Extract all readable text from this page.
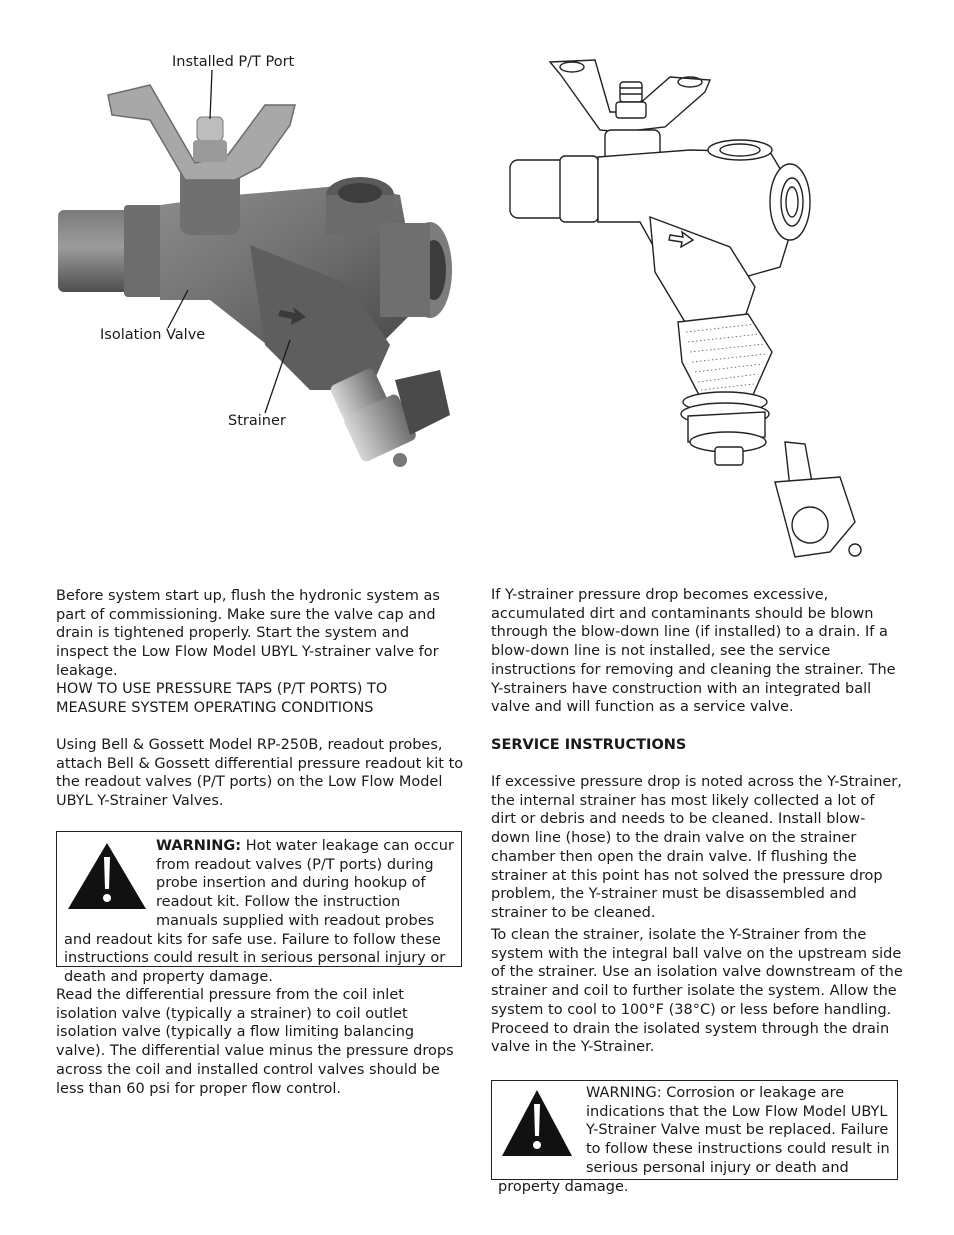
Installed P/T Port
Isolation Valve
Strainer

Before system start up, flush the hydronic system as part of commissioning. Make sure the valve cap and drain is tightened properly. Start the system and inspect the Low Flow Model UBYL Y-strainer valve for leakage.

HOW TO USE PRESSURE TAPS (P/T PORTS) TO MEASURE SYSTEM OPERATING CONDITIONS

Using Bell & Gossett Model RP-250B, readout probes, attach Bell & Gossett differential pressure readout kit to the readout valves (P/T ports) on the Low Flow Model UBYL Y-Strainer Valves.

WARNING: Hot water leakage can occur from readout valves (P/T ports) during probe insertion and during hookup of readout kit. Follow the instruction manuals supplied with readout probes and readout kits for safe use. Failure to follow these instructions could result in serious personal injury or death and property damage.

Read the differential pressure from the coil inlet isolation valve (typically a strainer) to coil outlet isolation valve (typically a flow limiting balancing valve). The differential value minus the pressure drops across the coil and installed control valves should be less than 60 psi for proper flow control.

If Y-strainer pressure drop becomes excessive, accumulated dirt and contaminants should be blown through the blow-down line (if installed) to a drain. If a blow-down line is not installed, see the service instructions for removing and cleaning the strainer. The Y-strainers have construction with an integrated ball valve and will function as a service valve.

SERVICE INSTRUCTIONS

If excessive pressure drop is noted across the Y-Strainer, the internal strainer has most likely collected a lot of dirt or debris and needs to be cleaned. Install blow-down line (hose) to the drain valve on the strainer chamber then open the drain valve. If flushing the strainer at this point has not solved the pressure drop problem, the Y-strainer must be disassembled and strainer to be cleaned.

To clean the strainer, isolate the Y-Strainer from the system with the integral ball valve on the upstream side of the strainer. Use an isolation valve downstream of the strainer and coil to further isolate the system. Allow the system to cool to 100°F (38°C) or less before handling. Proceed to drain the isolated system through the drain valve in the Y-Strainer.

WARNING: Corrosion or leakage are indications that the Low Flow Model UBYL Y-Strainer Valve must be replaced. Failure to follow these instructions could result in serious personal injury or death and property damage.
